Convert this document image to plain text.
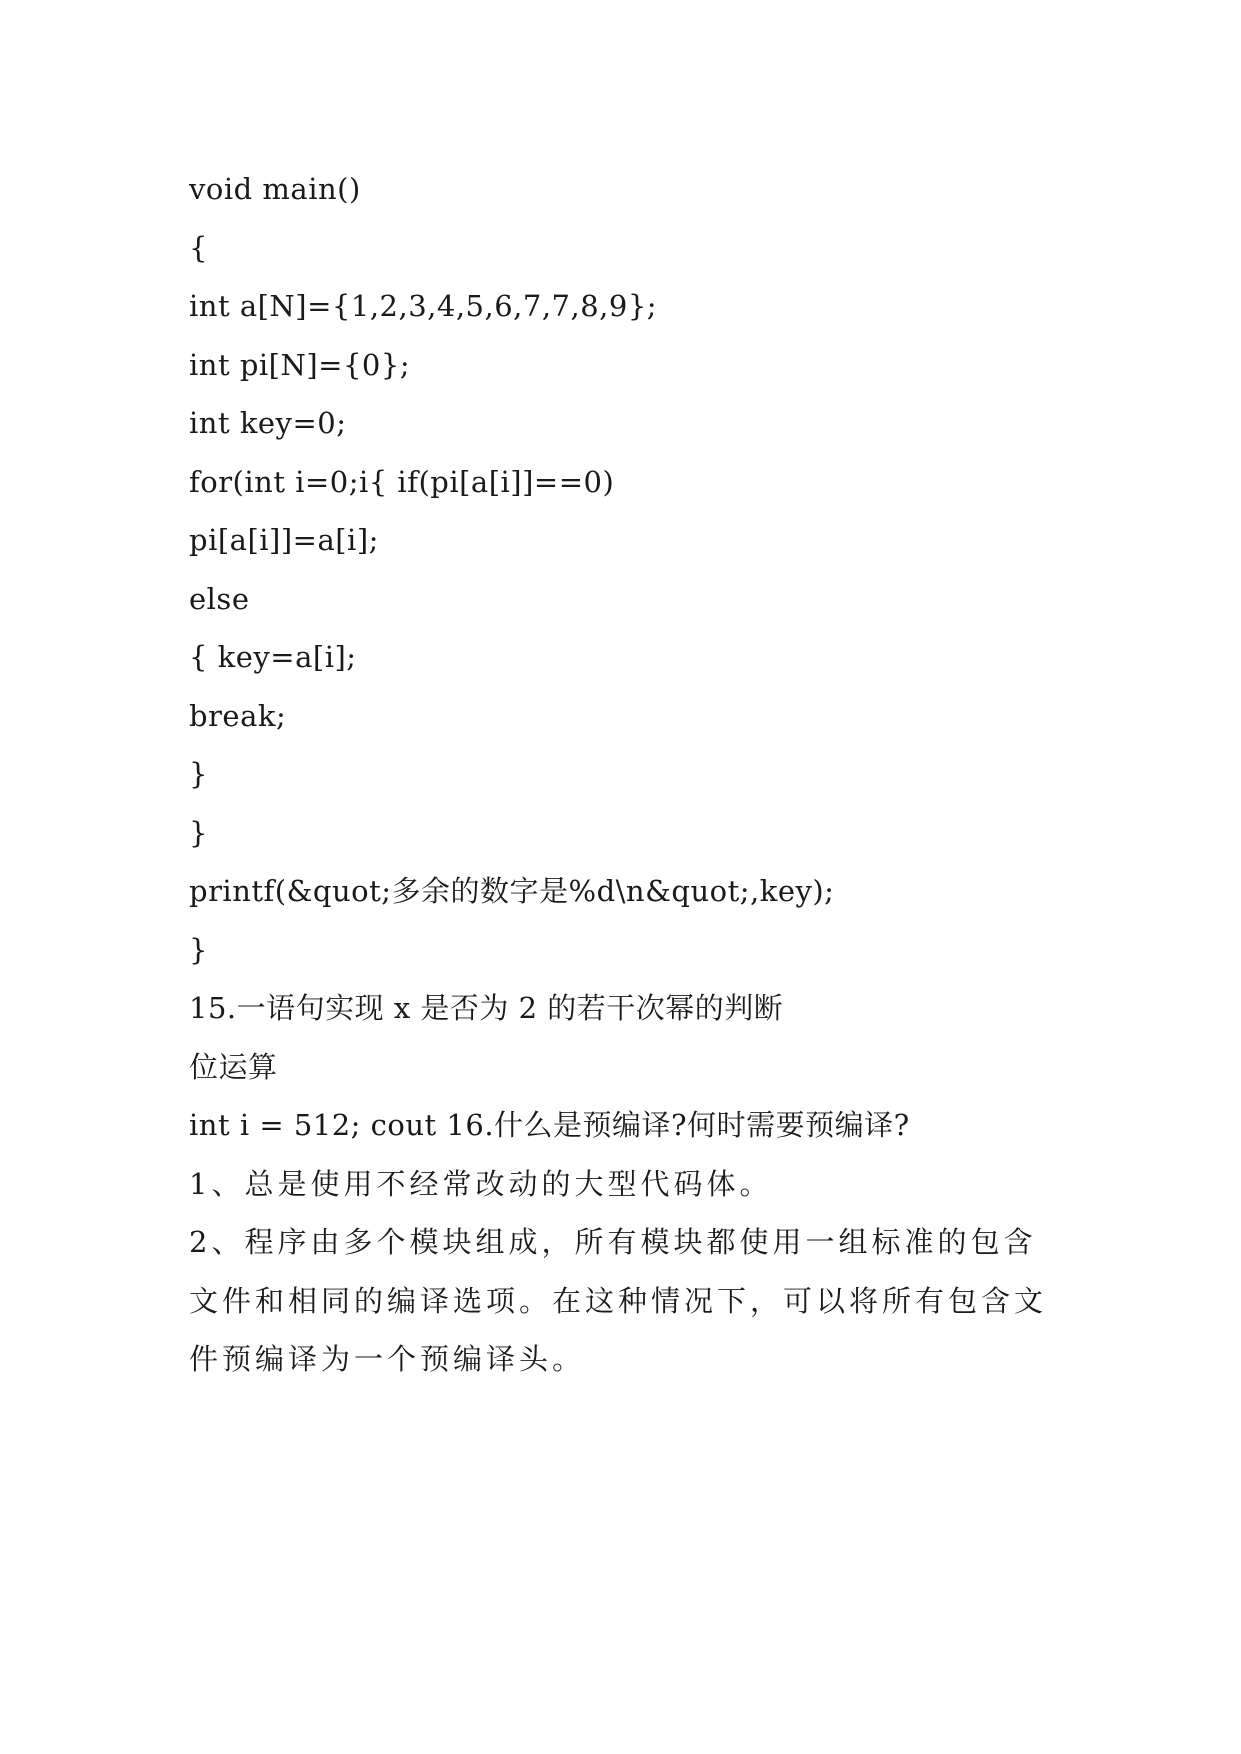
void main()
{
int a[N]={1,2,3,4,5,6,7,7,8,9};
int pi[N]={0};
int key=0;
for(int i=0;i{ if(pi[a[i]]==0)
pi[a[i]]=a[i];
else
{ key=a[i];
break;
}
}
printf(&quot;多余的数字是%d\n&quot;,key);
}
15.一语句实现 x 是否为 2 的若干次幂的判断
位运算
int i = 512; cout 16.什么是预编译?何时需要预编译?
1、总是使用不经常改动的大型代码体。
2、程序由多个模块组成，所有模块都使用一组标准的包含文件和相同的编译选项。在这种情况下，可以将所有包含文件预编译为一个预编译头。
